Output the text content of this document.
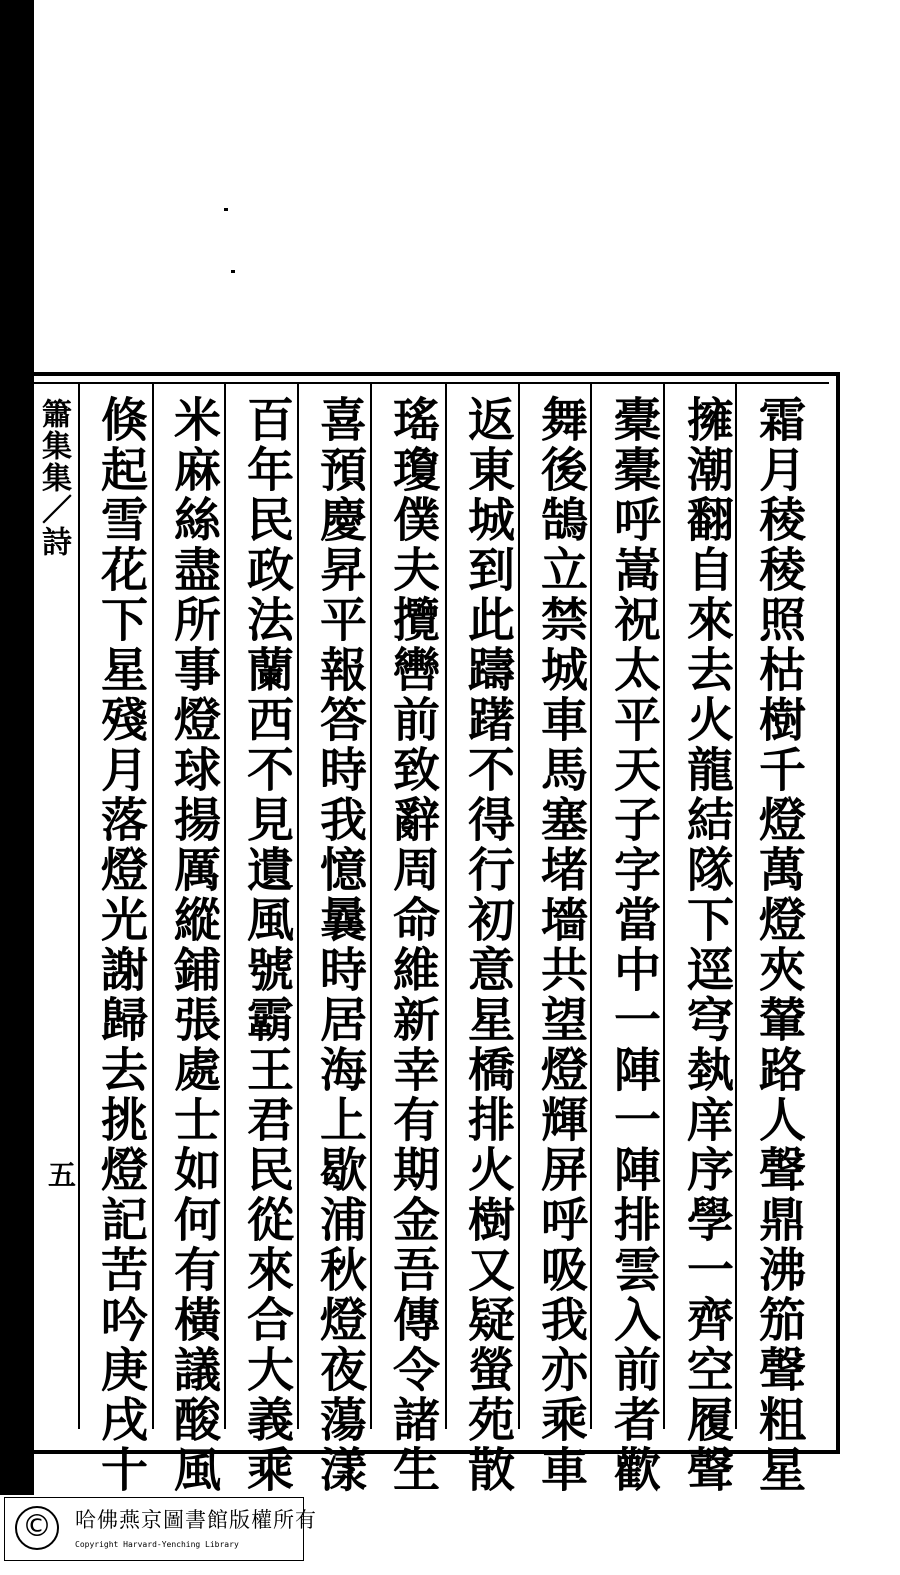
霜月稜稜照枯樹千燈萬燈夾輦路人聲鼎沸笳聲粗星
擁潮翻自來去火龍結隊下逕穹埶庠序學一齊空履聲
橐橐呼嵩祝太平天子字當中一陣一陣排雲入前者歡
舞後鵠立禁城車馬塞堵墻共望燈輝屏呼吸我亦乘車
返東城到此躊躇不得行初意星橋排火樹又疑螢苑散
瑤瓊僕夫攬轡前致辭周命維新幸有期金吾傳令諸生
喜預慶昇平報答時我憶曩時居海上歇浦秋燈夜蕩漾
百年民政法蘭西不見遺風號霸王君民從來合大義乘
米麻絲盡所事燈球揚厲縱鋪張處士如何有橫議酸風
倏起雪花下星殘月落燈光謝歸去挑燈記苦吟庚戌十
簫集集／詩
五
©	哈佛燕京圖書館版權所有
Copyright Harvard-Yenching Library
